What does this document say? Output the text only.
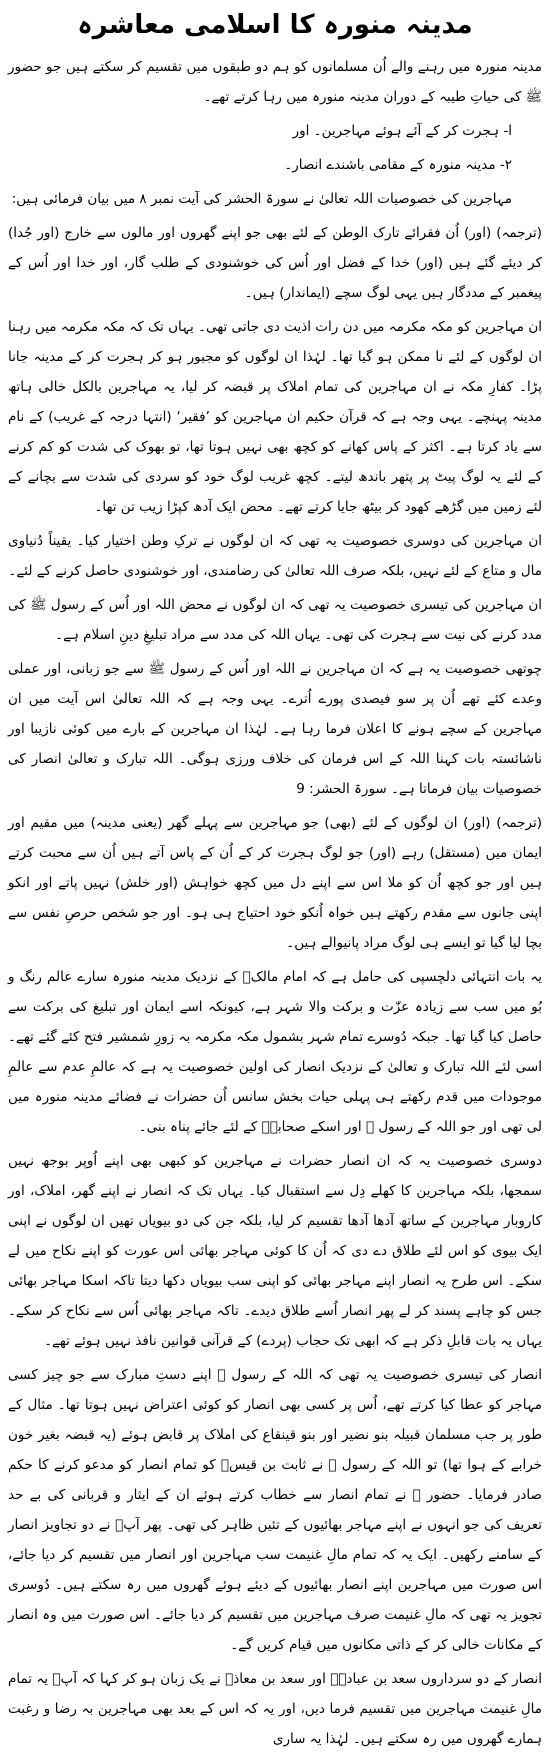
مدینہ منورہ کا اسلامی معاشرہ

مدینہ منورہ میں رہنے والے اُن مسلمانوں کو ہم دو طبقوں میں تقسیم کر سکتے ہیں جو حضور ﷺ کی حیاتِ طیبہ کے دوران مدینہ منورہ میں رہا کرتے تھے۔

ا- ہجرت کر کے آئے ہوئے مہاجرین۔ اور

۲- مدینہ منورہ کے مقامی باشندے انصار۔

مہاجرین کی خصوصیات اللہ تعالیٰ نے سورۃ الحشر کی آیت نمبر ۸ میں بیان فرمائی ہیں:

(ترجمہ) (اور) اُن فقرائے تارک الوطن کے لئے بھی جو اپنے گھروں اور مالوں سے خارج (اور جُدا) کر دیئے گئے ہیں (اور) خدا کے فضل اور اُس کی خوشنودی کے طلب گار، اور خدا اور اُس کے پیغمبر کے مددگار ہیں یہی لوگ سچے (ایماندار) ہیں۔

ان مہاجرین کو مکہ مکرمہ میں دن رات اذیت دی جاتی تھی۔ یہاں تک کہ مکہ مکرمہ میں رہنا ان لوگوں کے لئے نا ممکن ہو گیا تھا۔ لہٰذا ان لوگوں کو مجبور ہو کر ہجرت کر کے مدینہ جانا پڑا۔ کفارِ مکہ نے ان مہاجرین کی تمام املاک پر قبضہ کر لیا، یہ مہاجرین بالکل خالی ہاتھ مدینہ پہنچے۔ یہی وجہ ہے کہ قرآن حکیم ان مہاجرین کو ’فقیر‘ (انتہا درجہ کے غریب) کے نام سے یاد کرتا ہے۔ اکثر کے پاس کھانے کو کچھ بھی نہیں ہوتا تھا، تو بھوک کی شدت کو کم کرنے کے لئے یہ لوگ پیٹ پر پتھر باندھ لیتے۔ کچھ غریب لوگ خود کو سردی کی شدت سے بچانے کے لئے زمین میں گڑھے کھود کر بیٹھ جایا کرتے تھے۔ محض ایک آدھ کپڑا زیب تن تھا۔

ان مہاجرین کی دوسری خصوصیت یہ تھی کہ ان لوگوں نے ترکِ وطن اختیار کیا۔ یقیناً دُنیاوی مال و متاع کے لئے نہیں، بلکہ صرف اللہ تعالیٰ کی رضامندی، اور خوشنودی حاصل کرنے کے لئے۔

ان مہاجرین کی تیسری خصوصیت یہ تھی کہ ان لوگوں نے محض اللہ اور اُس کے رسول ﷺ کی مدد کرنے کی نیت سے ہجرت کی تھی۔ یہاں اللہ کی مدد سے مراد تبلیغِ دینِ اسلام ہے۔

چوتھی خصوصیت یہ ہے کہ ان مہاجرین نے اللہ اور اُس کے رسول ﷺ سے جو زبانی، اور عملی وعدے کئے تھے اُن پر سو فیصدی پورے اُترے۔ یہی وجہ ہے کہ اللہ تعالیٰ اس آیت میں ان مہاجرین کے سچے ہونے کا اعلان فرما رہا ہے۔ لہٰذا ان مہاجرین کے بارے میں کوئی نازیبا اور ناشائستہ بات کہنا اللہ کے اس فرمان کی خلاف ورزی ہوگی۔ اللہ تبارک و تعالیٰ انصار کی خصوصیات بیان فرماتا ہے۔ سورۃ الحشر: 9

(ترجمہ) (اور) ان لوگوں کے لئے (بھی) جو مہاجرین سے پہلے گھر (یعنی مدینہ) میں مقیم اور ایمان میں (مستقل) رہے (اور) جو لوگ ہجرت کر کے اُن کے پاس آتے ہیں اُن سے محبت کرتے ہیں اور جو کچھ اُن کو ملا اس سے اپنے دل میں کچھ خواہش (اور خلش) نہیں پاتے اور انکو اپنی جانوں سے مقدم رکھتے ہیں خواہ اُنکو خود احتیاج ہی ہو۔ اور جو شخص حرصِ نفس سے بچا لیا گیا تو ایسے ہی لوگ مراد پانیوالے ہیں۔

یہ بات انتہائی دلچسپی کی حامل ہے کہ امام مالکؒ کے نزدیک مدینہ منورہ سارے عالم رنگ و بُو میں سب سے زیادہ عزّت و برکت والا شہر ہے، کیونکہ اسے ایمان اور تبلیغ کی برکت سے حاصل کیا گیا تھا۔ جبکہ دُوسرے تمام شہر بشمول مکہ مکرمہ بہ زورِ شمشیر فتح کئے گئے تھے۔ اسی لئے اللہ تبارک و تعالیٰ کے نزدیک انصار کی اولین خصوصیت یہ ہے کہ عالمِ عدم سے عالمِ موجودات میں قدم رکھتے ہی پہلی حیات بخش سانس اُن حضرات نے فضائے مدینہ منورہ میں لی تھی اور جو اللہ کے رسول ﷺ اور اسکے صحابہؓ کے لئے جائے پناہ بنی۔

دوسری خصوصیت یہ کہ ان انصار حضرات نے مہاجرین کو کبھی بھی اپنے اُوپر بوجھ نہیں سمجھا، بلکہ مہاجرین کا کھلے دِل سے استقبال کیا۔ یہاں تک کہ انصار نے اپنے گھر، املاک، اور کاروبار مہاجرین کے ساتھ آدھا آدھا تقسیم کر لیا، بلکہ جن کی دو بیویاں تھیں ان لوگوں نے اپنی ایک بیوی کو اس لئے طلاق دے دی کہ اُن کا کوئی مہاجر بھائی اس عورت کو اپنے نکاح میں لے سکے۔ اس طرح یہ انصار اپنے مہاجر بھائی کو اپنی سب بیویاں دکھا دیتا تاکہ اسکا مہاجر بھائی جس کو چاہے پسند کر لے پھر انصار اُسے طلاق دیدے۔ تاکہ مہاجر بھائی اُس سے نکاح کر سکے۔ یہاں یہ بات قابلِ ذکر ہے کہ ابھی تک حجاب (پردے) کے قرآنی قوانین نافذ نہیں ہوئے تھے۔

انصار کی تیسری خصوصیت یہ تھی کہ اللہ کے رسول ﷺ اپنے دستِ مبارک سے جو چیز کسی مہاجر کو عطا کیا کرتے تھے، اُس پر کسی بھی انصار کو کوئی اعتراض نہیں ہوتا تھا۔ مثال کے طور پر جب مسلمان قبیلہ بنو نضیر اور بنو قینقاع کی املاک پر قابض ہوئے (یہ قبضہ بغیر خون خرابے کے ہوا تھا) تو اللہ کے رسول ﷺ نے ثابت بن قیسؓ کو تمام انصار کو مدعو کرنے کا حکم صادر فرمایا۔ حضور ﷺ نے تمام انصار سے خطاب کرتے ہوئے ان کے ایثار و قربانی کی بے حد تعریف کی جو انہوں نے اپنے مہاجر بھائیوں کے تئیں ظاہر کی تھی۔ پھر آپؐ نے دو تجاویز انصار کے سامنے رکھیں۔ ایک یہ کہ تمام مالِ غنیمت سب مہاجرین اور انصار میں تقسیم کر دیا جائے، اس صورت میں مہاجرین اپنے انصار بھائیوں کے دیئے ہوئے گھروں میں رہ سکتے ہیں۔ دُوسری تجویز یہ تھی کہ مالِ غنیمت صرف مہاجرین میں تقسیم کر دیا جائے۔ اس صورت میں وہ انصار کے مکانات خالی کر کے ذاتی مکانوں میں قیام کریں گے۔

انصار کے دو سرداروں سعد بن عبادہؓ اور سعد بن معاذؓ نے یک زبان ہو کر کہا کہ آپؐ یہ تمام مالِ غنیمت مہاجرین میں تقسیم فرما دیں، اور یہ کہ اس کے بعد بھی مہاجرین بہ رضا و رغبت ہمارے گھروں میں رہ سکتے ہیں۔ لہٰذا یہ ساری
